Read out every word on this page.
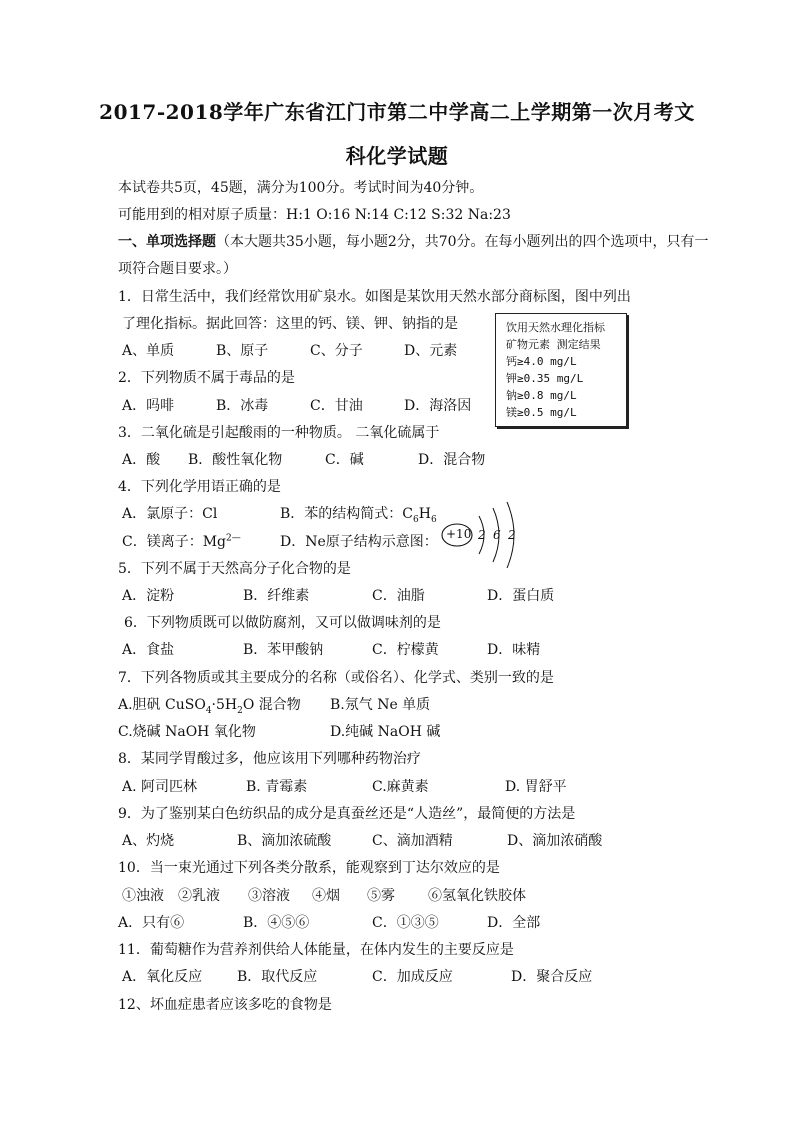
2017-2018学年广东省江门市第二中学高二上学期第一次月考文
科化学试题
本试卷共5页，45题，满分为100分。考试时间为40分钟。
可能用到的相对原子质量：H:1 O:16 N:14 C:12 S:32 Na:23
一、单项选择题（本大题共35小题，每小题2分，共70分。在每小题列出的四个选项中，只有一
项符合题目要求。）
1．日常生活中，我们经常饮用矿泉水。如图是某饮用天然水部分商标图，图中列出
了理化指标。据此回答：这里的钙、镁、钾、钠指的是
A、单质	B、原子	C、分子	D、元素
饮用天然水理化指标
矿物元素 测定结果
钙≥4.0 mg/L
钾≥0.35 mg/L
钠≥0.8 mg/L
镁≥0.5 mg/L
2．下列物质不属于毒品的是
A．吗啡	B．冰毒	C．甘油	D．海洛因
3．二氧化硫是引起酸雨的一种物质。 二氧化硫属于
A．酸 B．酸性氧化物	C．碱	D．混合物
4．下列化学用语正确的是
A．氯原子：Cl	B．苯的结构简式：$C_6H_6$
C．镁离子：$Mg^{2—}$	D．Ne原子结构示意图： +10 2 6 2
5．下列不属于天然高分子化合物的是
A．淀粉	B．纤维素	C．油脂	D．蛋白质
6．下列物质既可以做防腐剂，又可以做调味剂的是
A．食盐	B．苯甲酸钠	C．柠檬黄	D．味精
7．下列各物质或其主要成分的名称（或俗名）、化学式、类别一致的是
A.胆矾 $CuSO_4\cdot 5H_2O$ 混合物 B.氖气 Ne 单质
C.烧碱 NaOH 氧化物	D.纯碱 NaOH 碱
8．某同学胃酸过多，他应该用下列哪种药物治疗
A. 阿司匹林	B. 青霉素	C.麻黄素	D. 胃舒平
9．为了鉴别某白色纺织品的成分是真蚕丝还是“人造丝”，最简便的方法是
A、灼烧	B、滴加浓硫酸	C、滴加酒精	D、滴加浓硝酸
10．当一束光通过下列各类分散系，能观察到丁达尔效应的是
①浊液 ②乳液 ③溶液 ④烟 ⑤雾 ⑥氢氧化铁胶体
A．只有⑥	B．④⑤⑥	C．①③⑤	D．全部
11．葡萄糖作为营养剂供给人体能量，在体内发生的主要反应是
A．氧化反应 B．取代反应	C．加成反应	D．聚合反应
12、坏血症患者应该多吃的食物是
